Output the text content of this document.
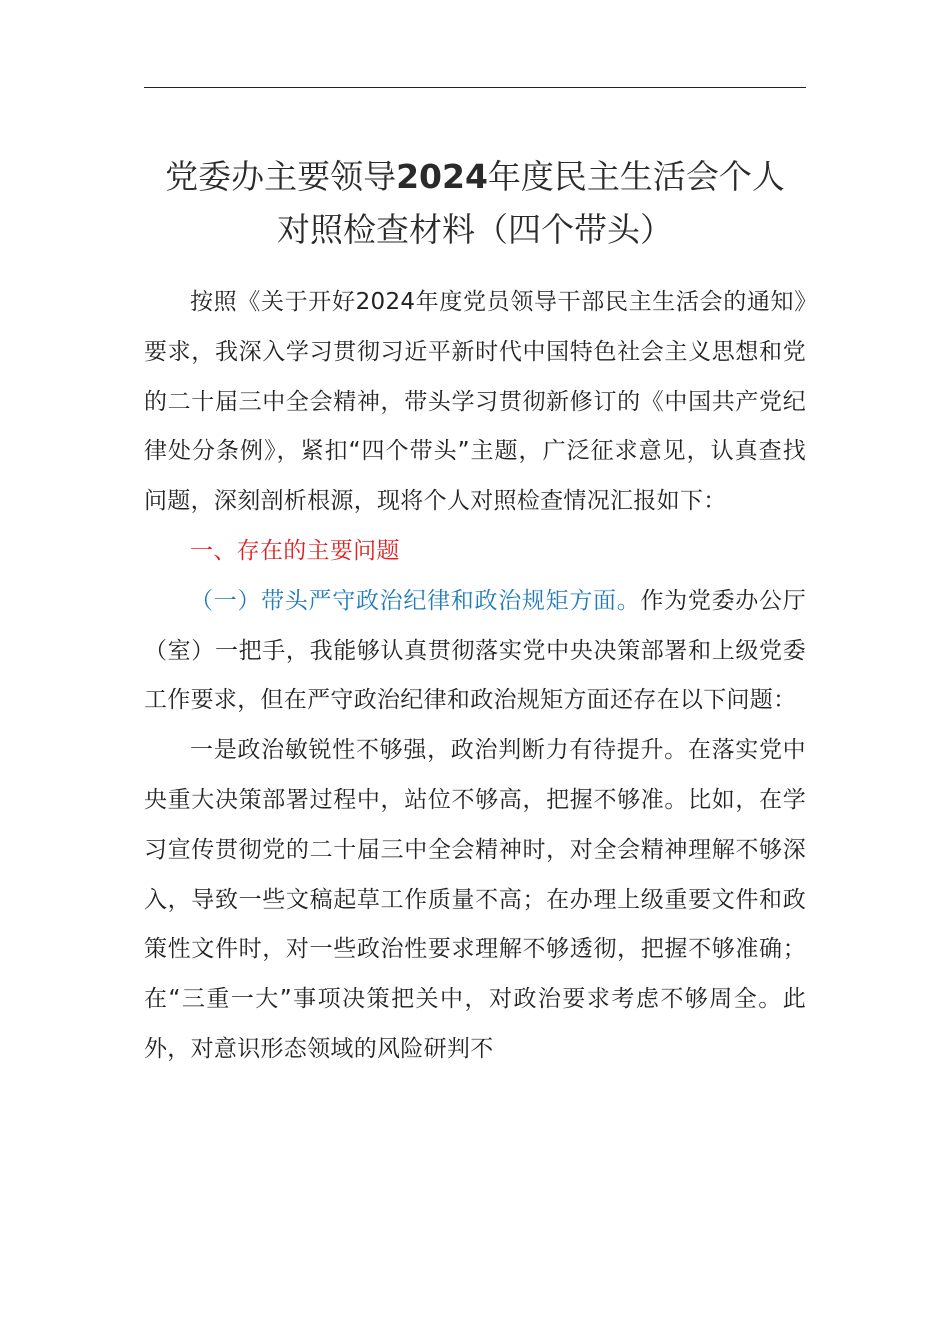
党委办主要领导2024年度民主生活会个人
对照检查材料（四个带头）

按照《关于开好2024年度党员领导干部民主生活会的通知》要求，我深入学习贯彻习近平新时代中国特色社会主义思想和党的二十届三中全会精神，带头学习贯彻新修订的《中国共产党纪律处分条例》，紧扣“四个带头”主题，广泛征求意见，认真查找问题，深刻剖析根源，现将个人对照检查情况汇报如下：

一、存在的主要问题

（一）带头严守政治纪律和政治规矩方面。作为党委办公厅（室）一把手，我能够认真贯彻落实党中央决策部署和上级党委工作要求，但在严守政治纪律和政治规矩方面还存在以下问题：

一是政治敏锐性不够强，政治判断力有待提升。在落实党中央重大决策部署过程中，站位不够高，把握不够准。比如，在学习宣传贯彻党的二十届三中全会精神时，对全会精神理解不够深入，导致一些文稿起草工作质量不高；在办理上级重要文件和政策性文件时，对一些政治性要求理解不够透彻，把握不够准确；在“三重一大”事项决策把关中，对政治要求考虑不够周全。此外，对意识形态领域的风险研判不
